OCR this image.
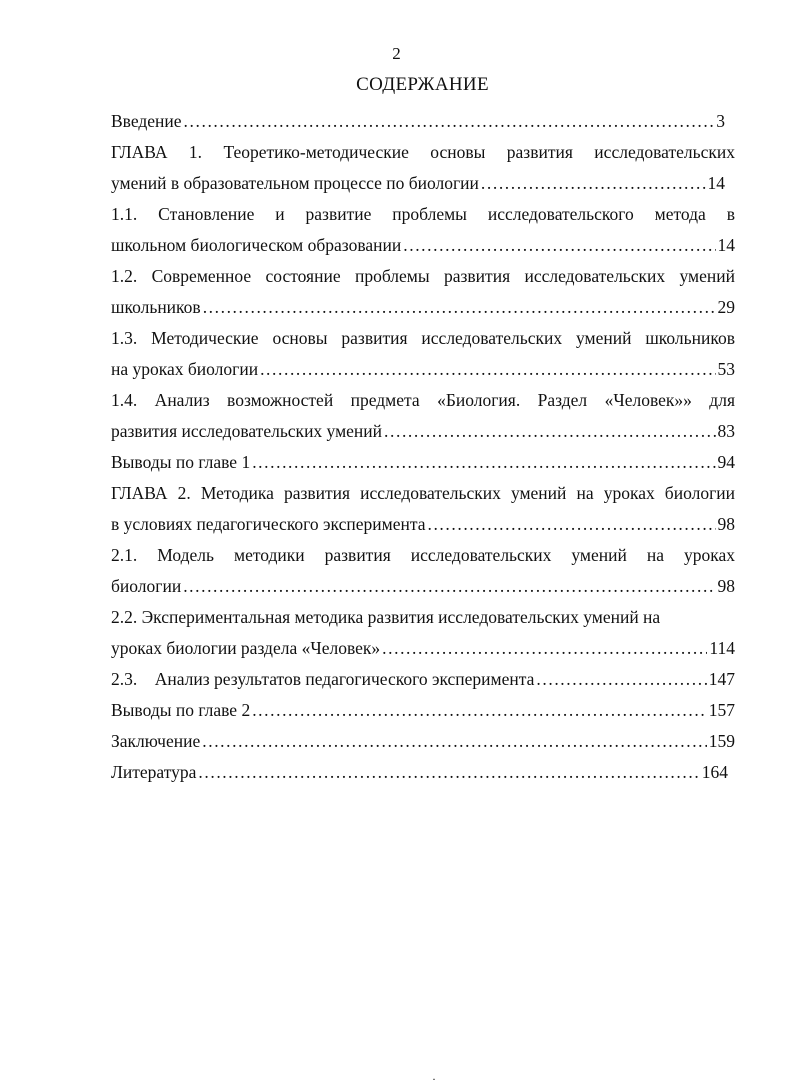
2
СОДЕРЖАНИЕ
Введение .....	3
ГЛАВА 1. Теоретико-методические основы развития исследовательских
умений в образовательном процессе по биологии .....	14
1.1. Становление и развитие проблемы исследовательского метода в
школьном биологическом образовании .....	14
1.2. Современное состояние проблемы развития исследовательских умений
школьников .....	29
1.3. Методические основы развития исследовательских умений школьников
на уроках биологии .....	53
1.4. Анализ возможностей предмета «Биология. Раздел «Человек»» для
развития исследовательских умений .....	83
Выводы по главе 1 .....	94
ГЛАВА 2. Методика развития исследовательских умений на уроках биологии
в условиях педагогического эксперимента .....	98
2.1. Модель методики развития исследовательских умений на уроках
биологии .....	98
2.2. Экспериментальная методика развития исследовательских умений на
уроках биологии раздела «Человек» .....	114
2.3.    Анализ результатов педагогического эксперимента .....	147
Выводы по главе 2 .....	157
Заключение .....	159
Литература .....	164
·
